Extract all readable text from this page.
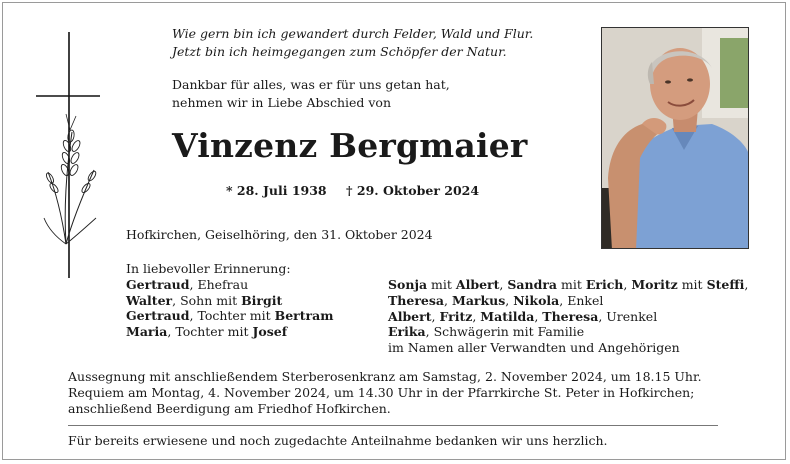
Wie gern bin ich gewandert durch Felder, Wald und Flur.
Jetzt bin ich heimgegangen zum Schöpfer der Natur.
Dankbar für alles, was er für uns getan hat,
nehmen wir in Liebe Abschied von
Vinzenz Bergmaier
* 28. Juli 1938 † 29. Oktober 2024
Hofkirchen, Geiselhöring, den 31. Oktober 2024
In liebevoller Erinnerung:
Gertraud, Ehefrau
Walter, Sohn mit Birgit
Gertraud, Tochter mit Bertram
Maria, Tochter mit Josef
Sonja mit Albert, Sandra mit Erich, Moritz mit Steffi,
Theresa, Markus, Nikola, Enkel
Albert, Fritz, Matilda, Theresa, Urenkel
Erika, Schwägerin mit Familie
im Namen aller Verwandten und Angehörigen
Aussegnung mit anschließendem Sterberosenkranz am Samstag, 2. November 2024, um 18.15 Uhr.
Requiem am Montag, 4. November 2024, um 14.30 Uhr in der Pfarrkirche St. Peter in Hofkirchen;
anschließend Beerdigung am Friedhof Hofkirchen.
Für bereits erwiesene und noch zugedachte Anteilnahme bedanken wir uns herzlich.
